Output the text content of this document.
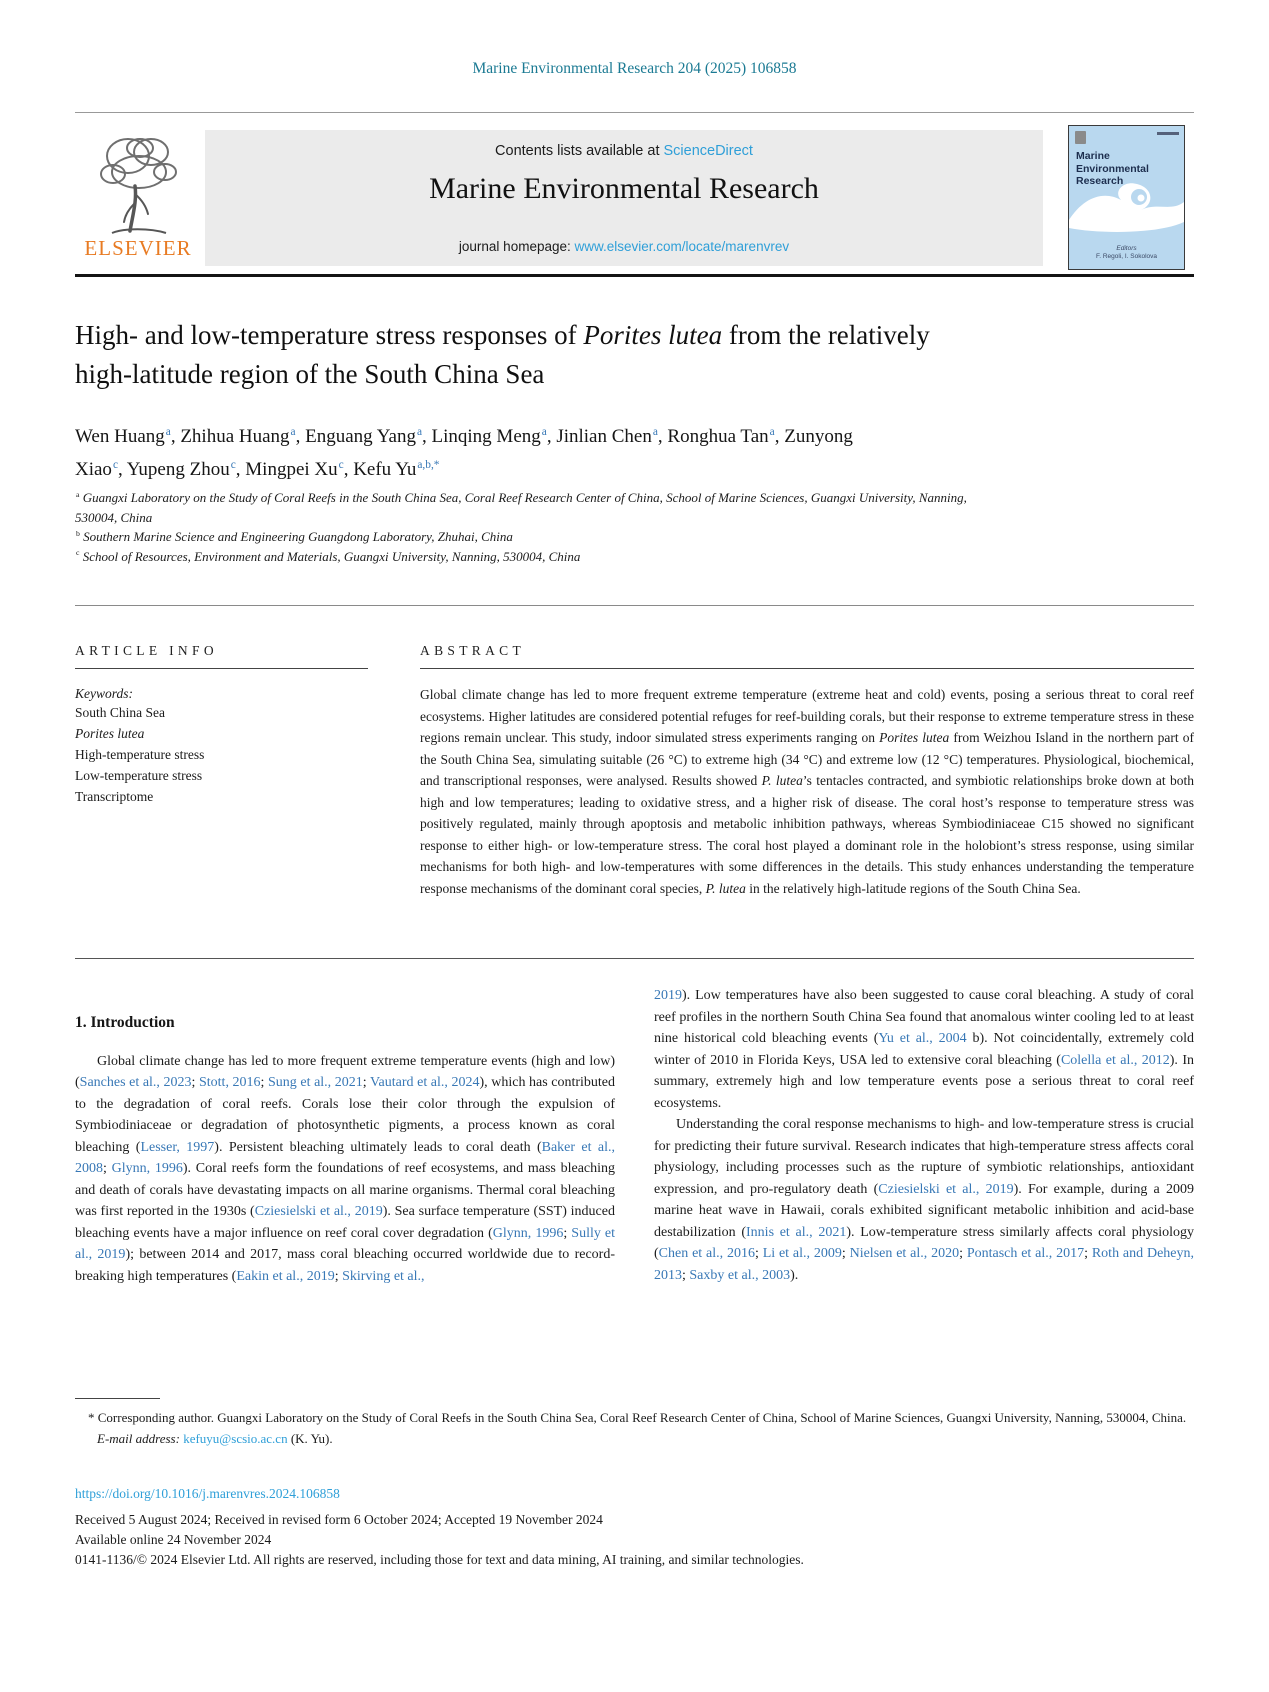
Marine Environmental Research 204 (2025) 106858
ELSEVIER
Contents lists available at ScienceDirect
Marine Environmental Research
journal homepage: www.elsevier.com/locate/marenvrev
Marine
Environmental
Research
Editors
F. Regoli, I. Sokolova
High- and low-temperature stress responses of Porites lutea from the relatively high-latitude region of the South China Sea
Wen Huang$^a$, Zhihua Huang$^a$, Enguang Yang$^a$, Linqing Meng$^a$, Jinlian Chen$^a$, Ronghua Tan$^a$, Zunyong Xiao$^c$, Yupeng Zhou$^c$, Mingpei Xu$^c$, Kefu $Yu^{a,b,*}$
$^a$ Guangxi Laboratory on the Study of Coral Reefs in the South China Sea, Coral Reef Research Center of China, School of Marine Sciences, Guangxi University, Nanning, 530004, China
$^b$ Southern Marine Science and Engineering Guangdong Laboratory, Zhuhai, China
$^c$ School of Resources, Environment and Materials, Guangxi University, Nanning, 530004, China
ARTICLE INFO
Keywords:
South China Sea
Porites lutea
High-temperature stress
Low-temperature stress
Transcriptome
ABSTRACT

Global climate change has led to more frequent extreme temperature (extreme heat and cold) events, posing a serious threat to coral reef ecosystems. Higher latitudes are considered potential refuges for reef-building corals, but their response to extreme temperature stress in these regions remain unclear. This study, indoor simulated stress experiments ranging on Porites lutea from Weizhou Island in the northern part of the South China Sea, simulating suitable (26 °C) to extreme high (34 °C) and extreme low (12 °C) temperatures. Physiological, biochemical, and transcriptional responses, were analysed. Results showed P. lutea’s tentacles contracted, and symbiotic relationships broke down at both high and low temperatures; leading to oxidative stress, and a higher risk of disease. The coral host’s response to temperature stress was positively regulated, mainly through apoptosis and metabolic inhibition pathways, whereas Symbiodiniaceae C15 showed no significant response to either high- or low-temperature stress. The coral host played a dominant role in the holobiont’s stress response, using similar mechanisms for both high- and low-temperatures with some differences in the details. This study enhances understanding the temperature response mechanisms of the dominant coral species, P. lutea in the relatively high-latitude regions of the South China Sea.

1. Introduction

Global climate change has led to more frequent extreme temperature events (high and low) (Sanches et al., 2023; Stott, 2016; Sung et al., 2021; Vautard et al., 2024), which has contributed to the degradation of coral reefs. Corals lose their color through the expulsion of Symbiodiniaceae or degradation of photosynthetic pigments, a process known as coral bleaching (Lesser, 1997). Persistent bleaching ultimately leads to coral death (Baker et al., 2008; Glynn, 1996). Coral reefs form the foundations of reef ecosystems, and mass bleaching and death of corals have devastating impacts on all marine organisms. Thermal coral bleaching was first reported in the 1930s (Cziesielski et al., 2019). Sea surface temperature (SST) induced bleaching events have a major influence on reef coral cover degradation (Glynn, 1996; Sully et al., 2019); between 2014 and 2017, mass coral bleaching occurred worldwide due to record-breaking high temperatures (Eakin et al., 2019; Skirving et al.,

2019). Low temperatures have also been suggested to cause coral bleaching. A study of coral reef profiles in the northern South China Sea found that anomalous winter cooling led to at least nine historical cold bleaching events (Yu et al., 2004 b). Not coincidentally, extremely cold winter of 2010 in Florida Keys, USA led to extensive coral bleaching (Colella et al., 2012). In summary, extremely high and low temperature events pose a serious threat to coral reef ecosystems.

Understanding the coral response mechanisms to high- and low-temperature stress is crucial for predicting their future survival. Research indicates that high-temperature stress affects coral physiology, including processes such as the rupture of symbiotic relationships, antioxidant expression, and pro-regulatory death (Cziesielski et al., 2019). For example, during a 2009 marine heat wave in Hawaii, corals exhibited significant metabolic inhibition and acid-base destabilization (Innis et al., 2021). Low-temperature stress similarly affects coral physiology (Chen et al., 2016; Li et al., 2009; Nielsen et al., 2020; Pontasch et al., 2017; Roth and Deheyn, 2013; Saxby et al., 2003).

* Corresponding author. Guangxi Laboratory on the Study of Coral Reefs in the South China Sea, Coral Reef Research Center of China, School of Marine Sciences, Guangxi University, Nanning, 530004, China.
E-mail address: kefuyu@scsio.ac.cn (K. Yu).
https://doi.org/10.1016/j.marenvres.2024.106858
Received 5 August 2024; Received in revised form 6 October 2024; Accepted 19 November 2024
Available online 24 November 2024
0141-1136/© 2024 Elsevier Ltd. All rights are reserved, including those for text and data mining, AI training, and similar technologies.
